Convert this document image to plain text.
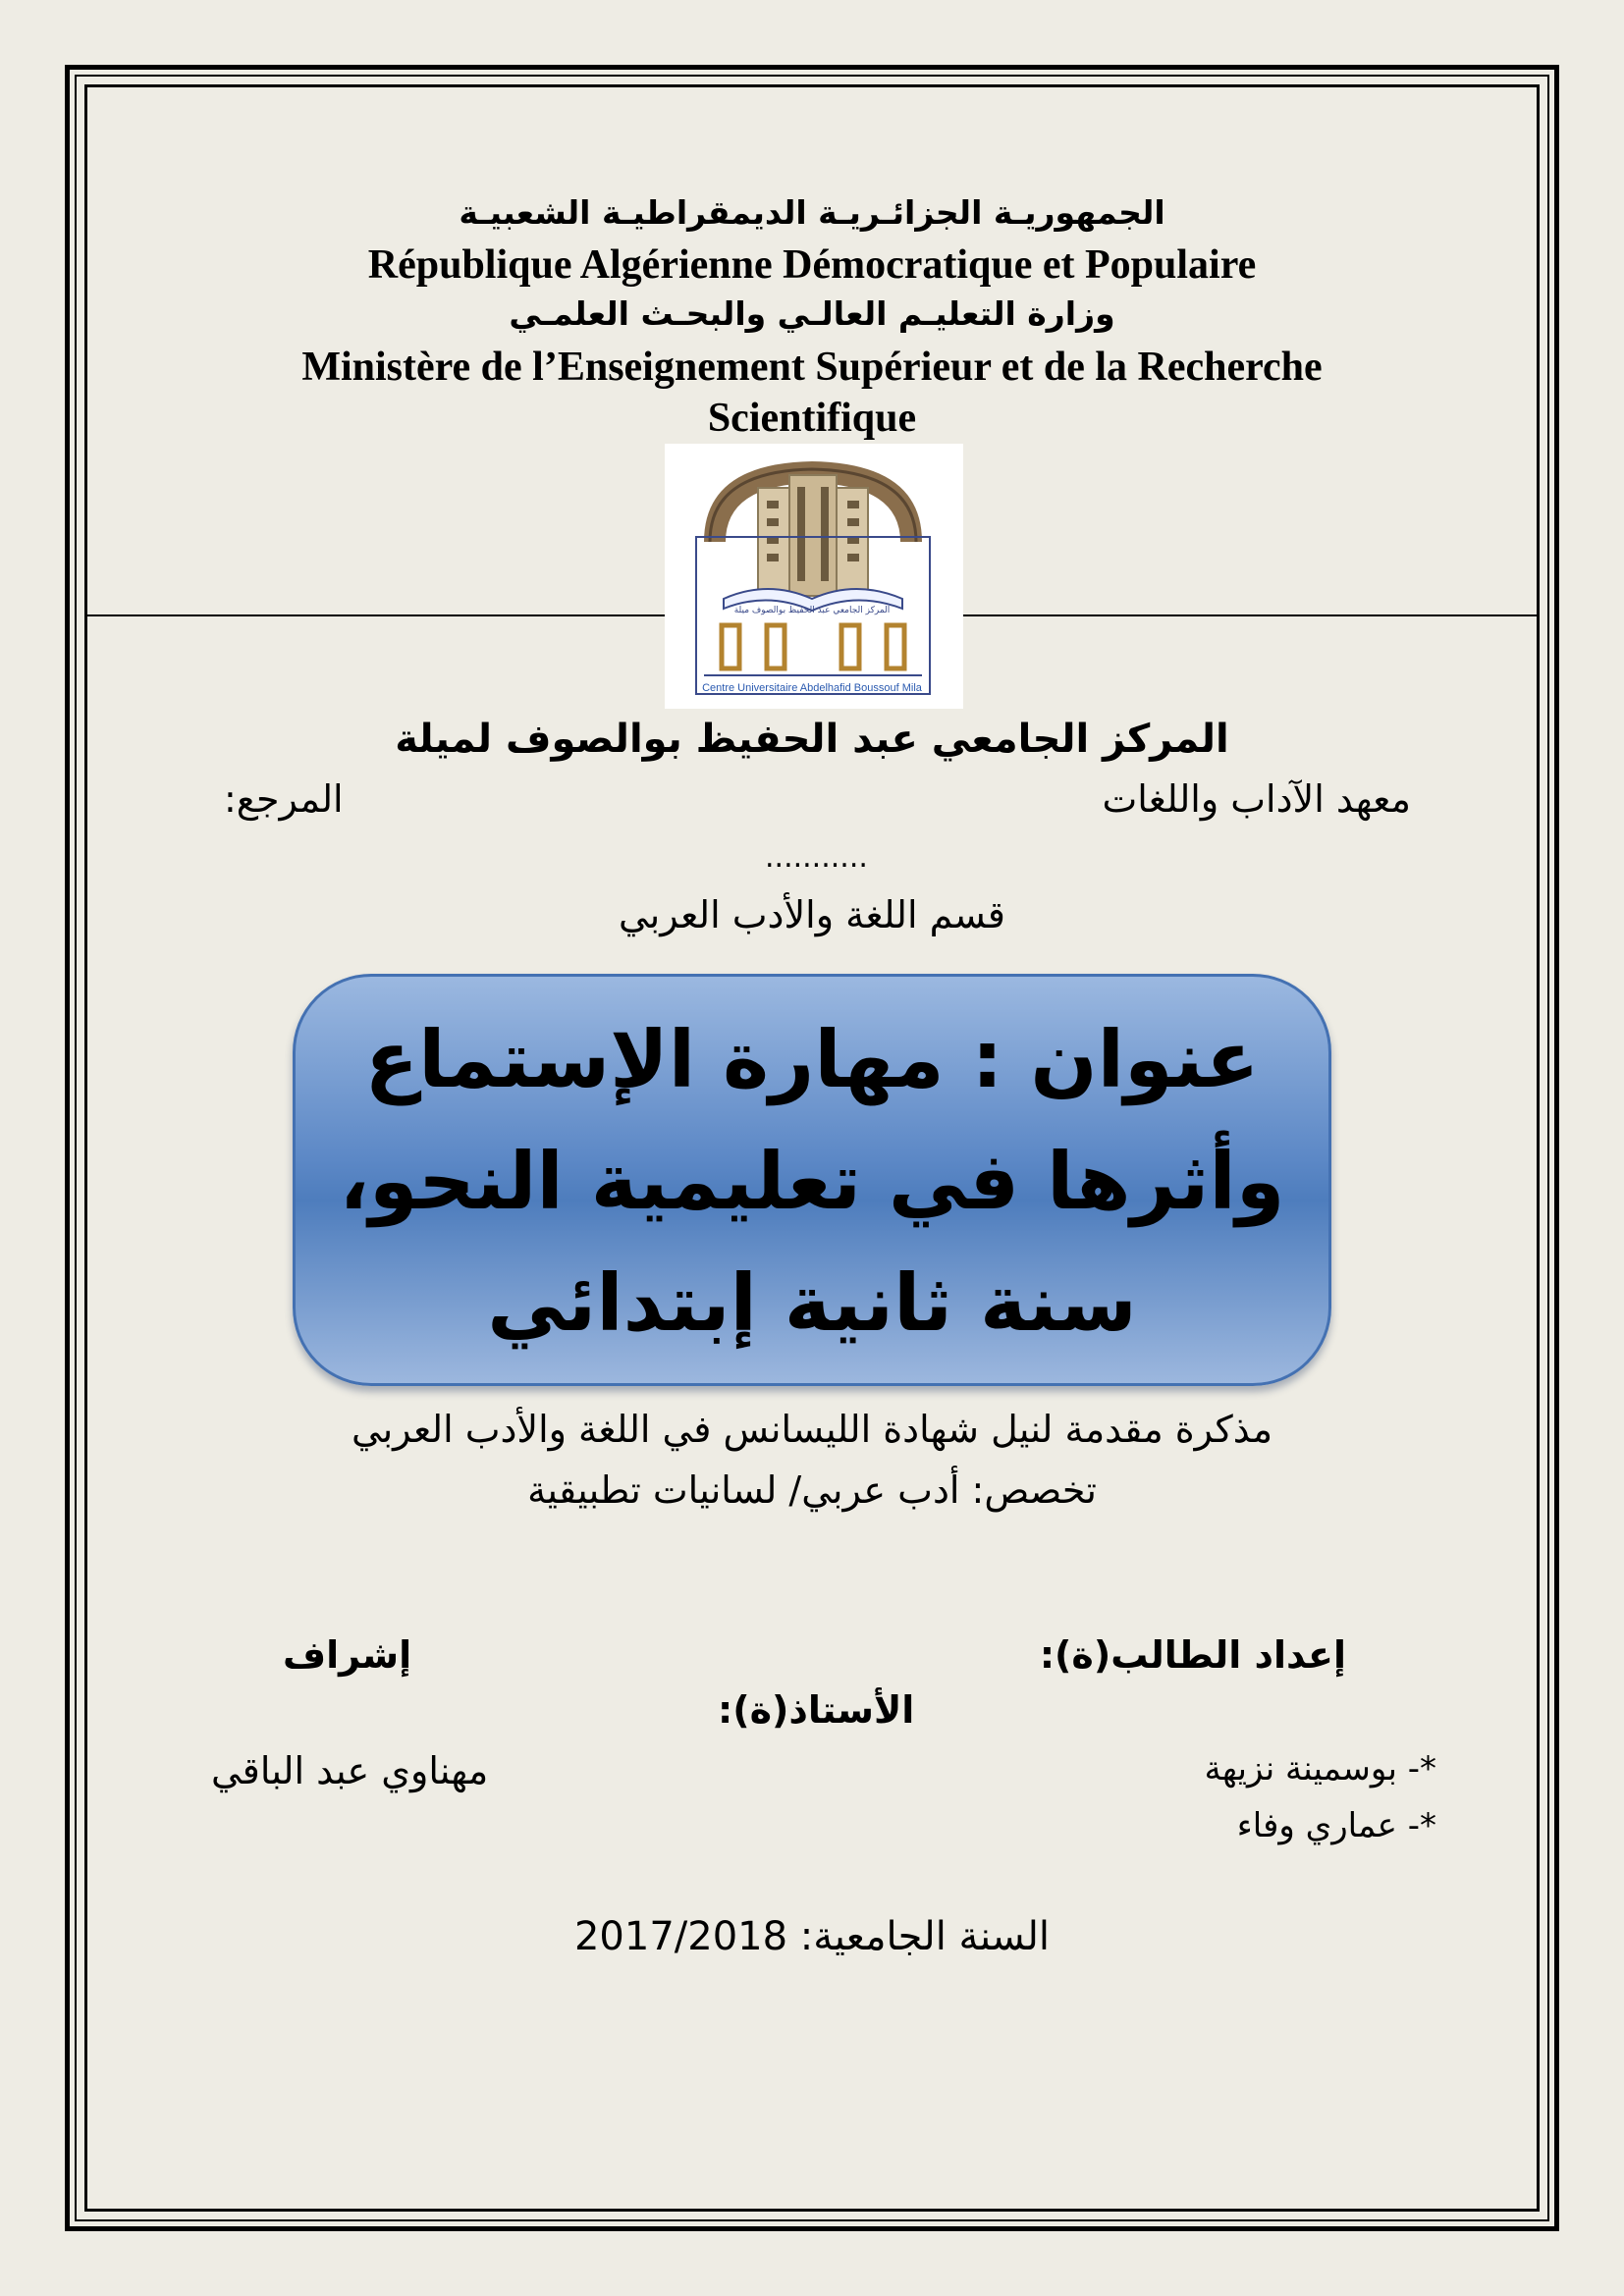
الجمهوريـة الجزائـريـة الديمقراطيـة الشعبيـة
République Algérienne Démocratique et Populaire
وزارة التعليـم العالـي والبحـث العلمـي
Ministère de l’Enseignement Supérieur et de la Recherche
Scientifique
المركز الجامعي عبد الحفيظ بوالصوف ميلة
Centre Universitaire Abdelhafid Boussouf Mila
المركز الجامعي عبد الحفيظ بوالصوف لميلة
معهد الآداب واللغات
المرجع:
...........
قسم اللغة والأدب العربي
عنوان : مهارة الإستماع
وأثرها في تعليمية النحو،
سنة ثانية إبتدائي
مذكرة مقدمة لنيل شهادة الليسانس في اللغة والأدب العربي
تخصص: أدب عربي/ لسانيات تطبيقية
إعداد الطالب(ة):
إشراف
الأستاذ(ة):
*- بوسمينة نزيهة
*- عماري وفاء
مهناوي عبد الباقي
السنة الجامعية: 2017/2018
